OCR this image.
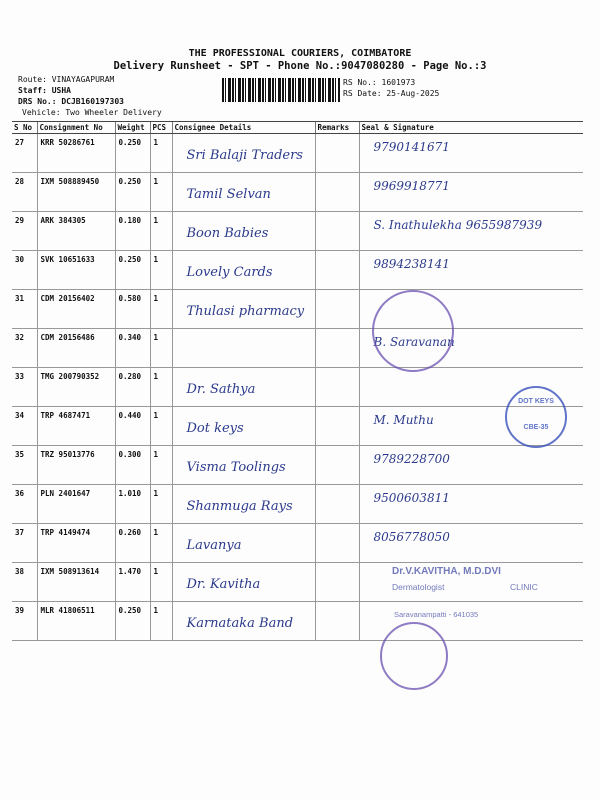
THE PROFESSIONAL COURIERS, COIMBATORE
Delivery Runsheet - SPT - Phone No.:9047080280 - Page No.:3
Route: VINAYAGAPURAM
Staff: USHA
DRS No.: DCJB160197303
Vehicle: Two Wheeler Delivery
RS No.: 1601973
RS Date: 25-Aug-2025
S No	Consignment No	Weight	PCS	Consignee Details	Remarks	Seal & Signature
27	KRR 50286761	0.250	1	Sri Balaji Traders		9790141671

28	IXM 508889450	0.250	1	Tamil Selvan		9969918771

29	ARK 384305	0.180	1	Boon Babies		S. Inathulekha 9655987939

30	SVK 10651633	0.250	1	Lovely Cards		9894238141

31	CDM 20156402	0.580	1	Thulasi pharmacy		

32	CDM 20156486	0.340	1			B. Saravanan

33	TMG 200790352	0.280	1	Dr. Sathya		

34	TRP 4687471	0.440	1	Dot keys		M. Muthu

35	TRZ 95013776	0.300	1	Visma Toolings		9789228700

36	PLN 2401647	1.010	1	Shanmuga Rays		9500603811

37	TRP 4149474	0.260	1	Lavanya		8056778050

38	IXM 508913614	1.470	1	Dr. Kavitha		

39	MLR 41806511	0.250	1	Karnataka Band		

DOT KEYS
CBE-35
Dr.V.KAVITHA, M.D.DVI
Dermatologist	CLINIC
Saravanampatti - 641035
